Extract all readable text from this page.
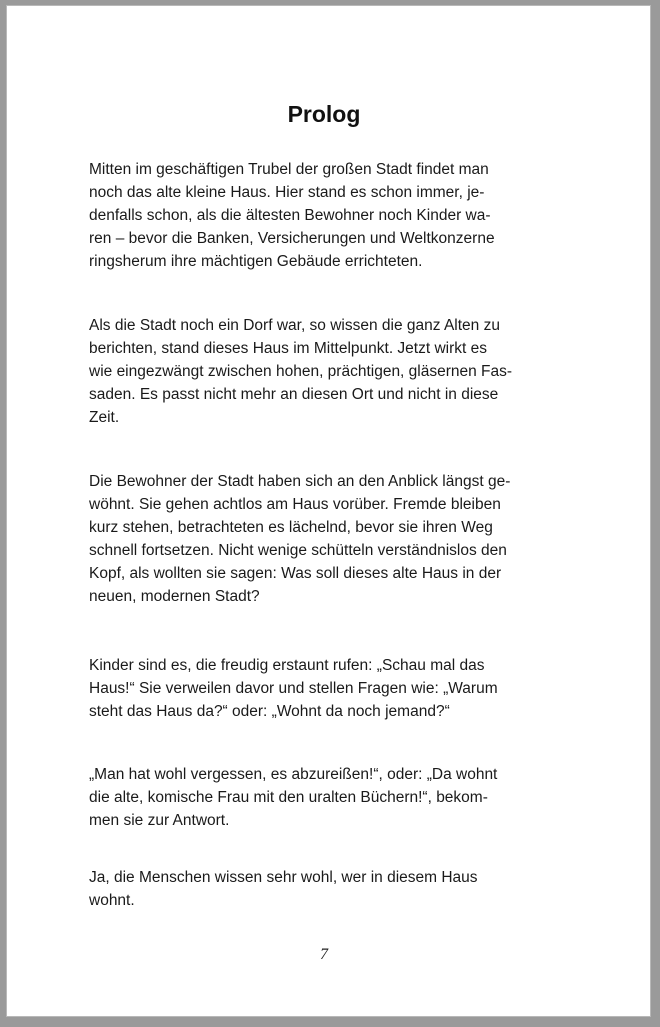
Prolog

Mitten im geschäftigen Trubel der großen Stadt findet man
noch das alte kleine Haus. Hier stand es schon immer, je-
denfalls schon, als die ältesten Bewohner noch Kinder wa-
ren – bevor die Banken, Versicherungen und Weltkonzerne
ringsherum ihre mächtigen Gebäude errichteten.

Als die Stadt noch ein Dorf war, so wissen die ganz Alten zu
berichten, stand dieses Haus im Mittelpunkt. Jetzt wirkt es
wie eingezwängt zwischen hohen, prächtigen, gläsernen Fas-
saden. Es passt nicht mehr an diesen Ort und nicht in diese
Zeit.

Die Bewohner der Stadt haben sich an den Anblick längst ge-
wöhnt. Sie gehen achtlos am Haus vorüber. Fremde bleiben
kurz stehen, betrachteten es lächelnd, bevor sie ihren Weg
schnell fortsetzen. Nicht wenige schütteln verständnislos den
Kopf, als wollten sie sagen: Was soll dieses alte Haus in der
neuen, modernen Stadt?

Kinder sind es, die freudig erstaunt rufen: „Schau mal das
Haus!“ Sie verweilen davor und stellen Fragen wie: „Warum
steht das Haus da?“ oder: „Wohnt da noch jemand?“

„Man hat wohl vergessen, es abzureißen!“, oder: „Da wohnt
die alte, komische Frau mit den uralten Büchern!“, bekom-
men sie zur Antwort.

Ja, die Menschen wissen sehr wohl, wer in diesem Haus
wohnt.

7
